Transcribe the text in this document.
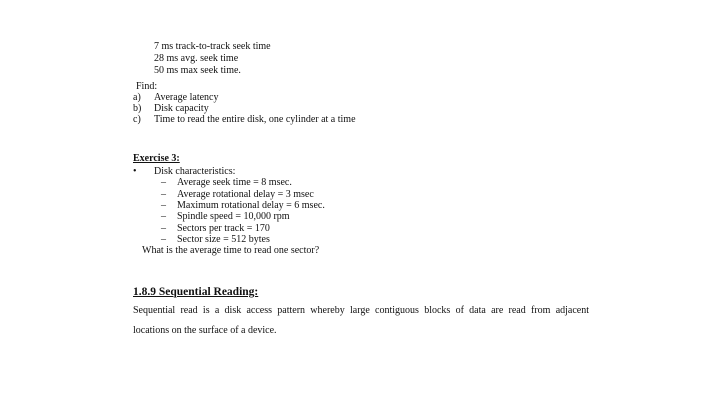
7 ms track-to-track seek time
28 ms avg. seek time
50 ms max seek time.
Find:
a) Average latency
b) Disk capacity
c) Time to read the entire disk, one cylinder at a time
Exercise 3:
• Disk characteristics:
– Average seek time = 8 msec.
– Average rotational delay = 3 msec
– Maximum rotational delay = 6 msec.
– Spindle speed = 10,000 rpm
– Sectors per track = 170
– Sector size = 512 bytes
What is the average time to read one sector?
1.8.9 Sequential Reading:
Sequential read is a disk access pattern whereby large contiguous blocks of data are read from adjacent
locations on the surface of a device.
